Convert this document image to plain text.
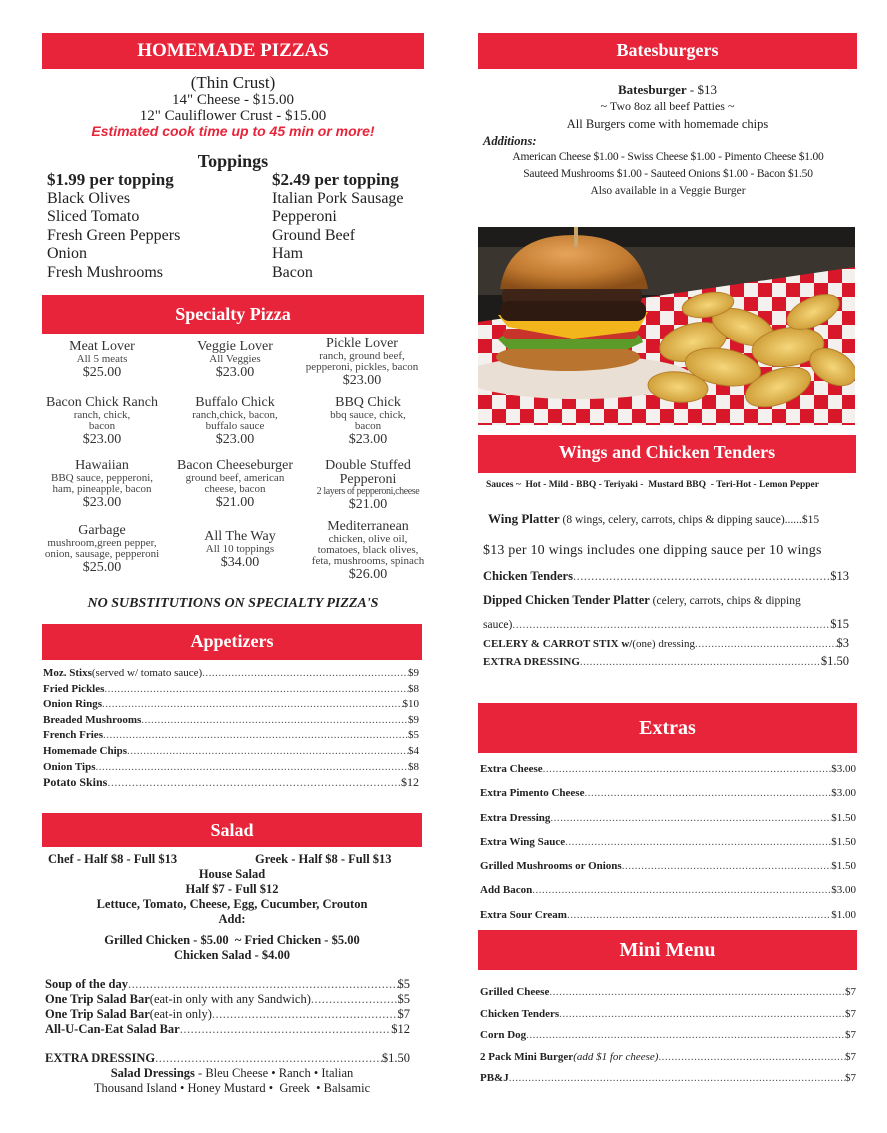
HOMEMADE PIZZAS
(Thin Crust)
14" Cheese - $15.00
12" Cauliflower Crust - $15.00
Estimated cook time up to 45 min or more!
Toppings
$1.99 per topping
Black Olives
Sliced Tomato
Fresh Green Peppers
Onion
Fresh Mushrooms
$2.49 per topping
Italian Pork Sausage
Pepperoni
Ground Beef
Ham
Bacon
Specialty Pizza
Meat Lover
All 5 meats
$25.00
Veggie Lover
All Veggies
$23.00
Pickle Lover
ranch, ground beef, pepperoni, pickles, bacon
$23.00
Bacon Chick Ranch
ranch, chick, bacon
$23.00
Buffalo Chick
ranch,chick, bacon, buffalo sauce
$23.00
BBQ Chick
bbq sauce, chick, bacon
$23.00
Hawaiian
BBQ sauce, pepperoni, ham, pineapple, bacon
$23.00
Bacon Cheeseburger
ground beef, american cheese, bacon
$21.00
Double Stuffed Pepperoni
2 layers of pepperoni,cheese
$21.00
Garbage
mushroom,green pepper, onion, sausage, pepperoni
$25.00
All The Way
All 10 toppings
$34.00
Mediterranean
chicken, olive oil, tomatoes, black olives, feta, mushrooms, spinach
$26.00
NO SUBSTITUTIONS ON SPECIALTY PIZZA'S
Appetizers
Moz. Stixs (served w/ tomato sauce) .....	$9
Fried Pickles .....	$8
Onion Rings .....	$10
Breaded Mushrooms .....	$9
French Fries .....	$5
Homemade Chips .....	$4
Onion Tips .....	$8
Potato Skins .....	$12
Salad
Chef - Half $8 - Full $13	Greek - Half $8 - Full $13
House Salad
Half $7 - Full $12
Lettuce, Tomato, Cheese, Egg, Cucumber, Crouton
Add:
Grilled Chicken - $5.00  ~ Fried Chicken - $5.00
Chicken Salad - $4.00
Soup of the day .....	$5
One Trip Salad Bar (eat-in only with any Sandwich) .....	$5
One Trip Salad Bar (eat-in only) .....	$7
All-U-Can-Eat Salad Bar .....	$12
EXTRA DRESSING .....	$1.50
Salad Dressings - Bleu Cheese • Ranch • Italian
Thousand Island • Honey Mustard •  Greek  • Balsamic
Batesburgers
Batesburger - $13
~ Two 8oz all beef Patties ~
All Burgers come with homemade chips
Additions:
American Cheese $1.00 - Swiss Cheese $1.00 - Pimento Cheese $1.00
Sauteed Mushrooms $1.00 - Sauteed Onions $1.00 - Bacon $1.50
Also available in a Veggie Burger
Wings and Chicken Tenders
Sauces ~  Hot - Mild - BBQ - Teriyaki -  Mustard BBQ  - Teri-Hot - Lemon Pepper
Wing Platter (8 wings, celery, carrots, chips & dipping sauce)......$15
$13 per 10 wings includes one dipping sauce per 10 wings
Chicken Tenders .....	$13
Dipped Chicken Tender Platter (celery, carrots, chips & dipping
sauce) .....	$15
CELERY & CARROT STIX w/ (one) dressing .....	$3
EXTRA DRESSING .....	$1.50
Extras
Extra Cheese .....	$3.00
Extra Pimento Cheese .....	$3.00
Extra Dressing .....	$1.50
Extra Wing Sauce .....	$1.50
Grilled Mushrooms or Onions .....	$1.50
Add Bacon .....	$3.00
Extra Sour Cream .....	$1.00
Mini Menu
Grilled Cheese .....	$7
Chicken Tenders .....	$7
Corn Dog .....	$7
2 Pack Mini Burger (add $1 for cheese) .....	$7
PB&J .....	$7
